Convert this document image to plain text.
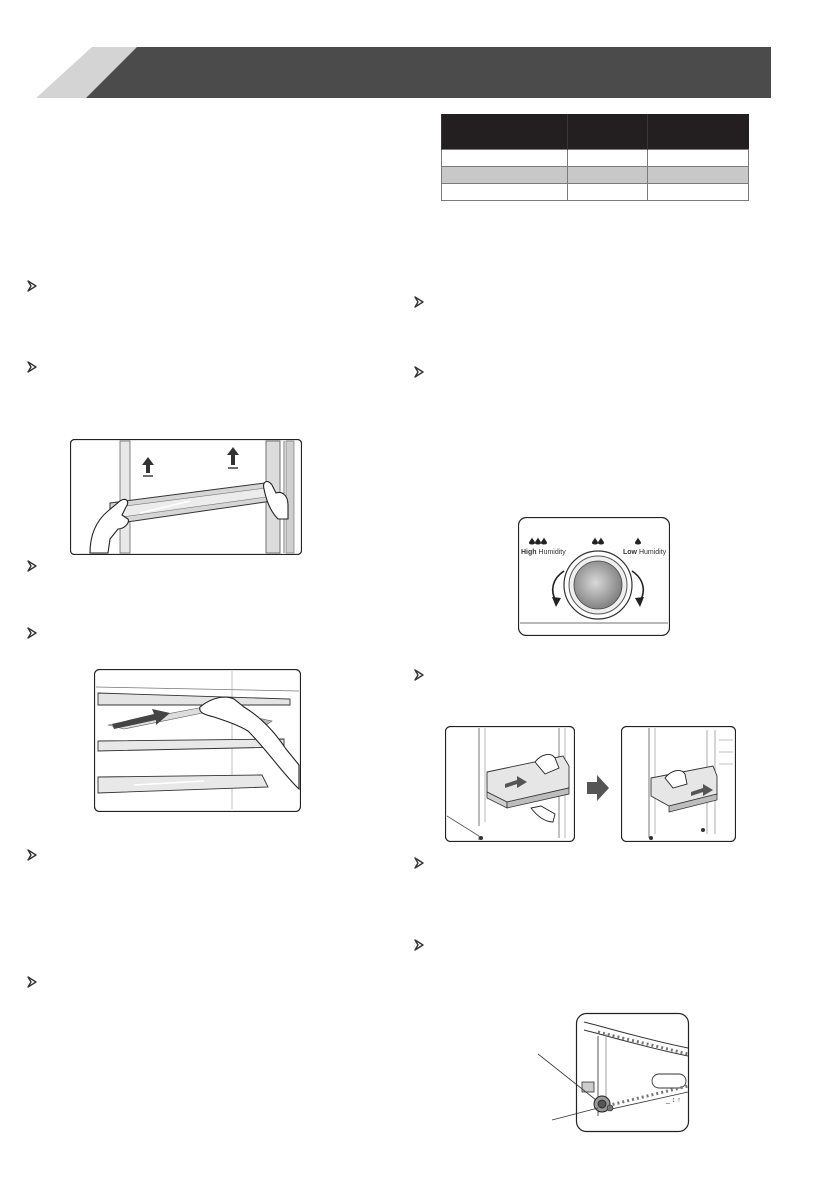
High Humidity	Low Humidity
_ ↕ ↑
